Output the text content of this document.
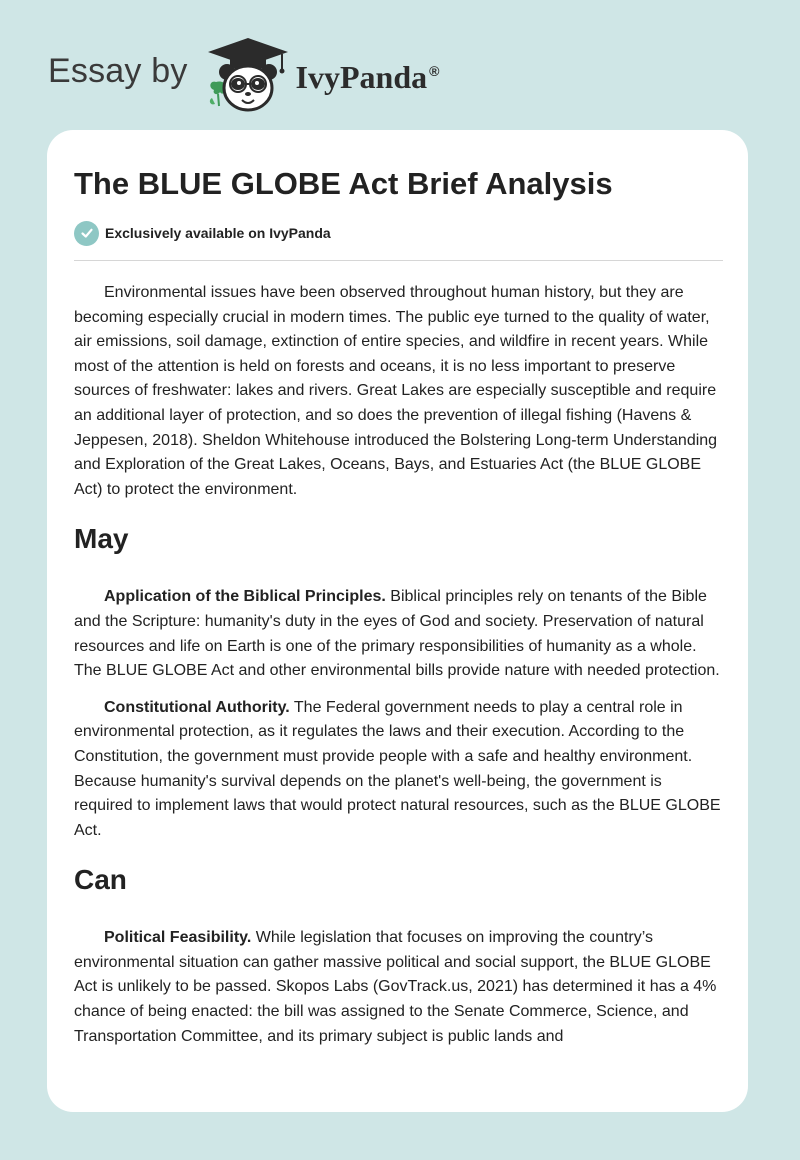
Essay by	IvyPanda ®
The BLUE GLOBE Act Brief Analysis
Exclusively available on IvyPanda

Environmental issues have been observed throughout human history, but they are becoming especially crucial in modern times. The public eye turned to the quality of water, air emissions, soil damage, extinction of entire species, and wildfire in recent years. While most of the attention is held on forests and oceans, it is no less important to preserve sources of freshwater: lakes and rivers. Great Lakes are especially susceptible and require an additional layer of protection, and so does the prevention of illegal fishing (Havens & Jeppesen, 2018). Sheldon Whitehouse introduced the Bolstering Long-term Understanding and Exploration of the Great Lakes, Oceans, Bays, and Estuaries Act (the BLUE GLOBE Act) to protect the environment.

May

Application of the Biblical Principles. Biblical principles rely on tenants of the Bible and the Scripture: humanity's duty in the eyes of God and society. Preservation of natural resources and life on Earth is one of the primary responsibilities of humanity as a whole. The BLUE GLOBE Act and other environmental bills provide nature with needed protection.

Constitutional Authority. The Federal government needs to play a central role in environmental protection, as it regulates the laws and their execution. According to the Constitution, the government must provide people with a safe and healthy environment. Because humanity's survival depends on the planet's well-being, the government is required to implement laws that would protect natural resources, such as the BLUE GLOBE Act.

Can

Political Feasibility. While legislation that focuses on improving the country’s environmental situation can gather massive political and social support, the BLUE GLOBE Act is unlikely to be passed. Skopos Labs (GovTrack.us, 2021) has determined it has a 4% chance of being enacted: the bill was assigned to the Senate Commerce, Science, and Transportation Committee, and its primary subject is public lands and
